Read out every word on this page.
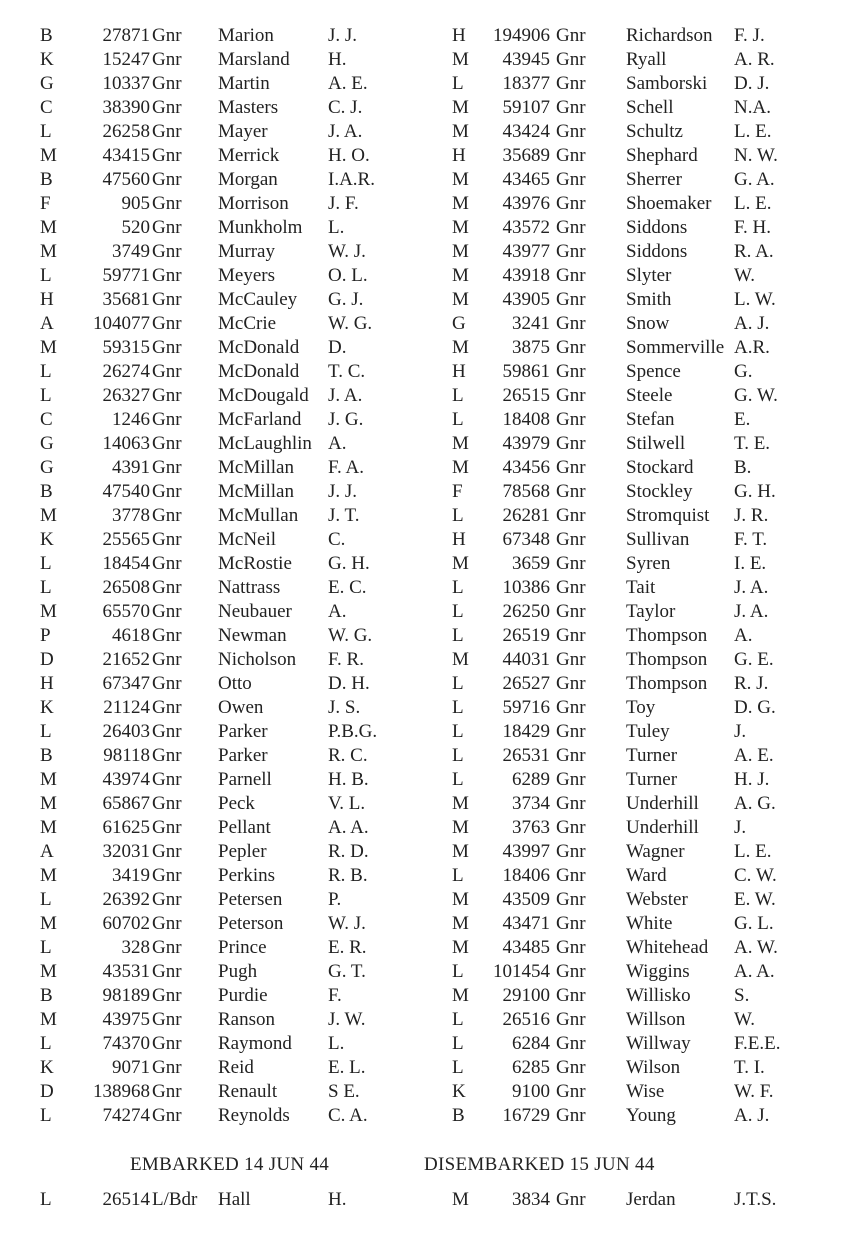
B	27871 Gnr Marion	J. J.
K	15247 Gnr Marsland H.
G	10337 Gnr Martin	A. E.
C	38390 Gnr Masters	C. J.
L	26258 Gnr Mayer	J. A.
M	43415 Gnr Merrick	H. O.
B	47560 Gnr Morgan	I.A.R.
F	905 Gnr Morrison J. F.
M	520 Gnr Munkholm L.
M	3749 Gnr Murray	W. J.
L	59771 Gnr Meyers	O. L.
H	35681 Gnr McCauley G. J.
A	104077 Gnr McCrie	W. G.
M	59315 Gnr McDonald D.
L	26274 Gnr McDonald T. C.
L	26327 Gnr McDougald J. A.
C	1246 Gnr McFarland J. G.
G	14063 Gnr McLaughlin A.
G	4391 Gnr McMillan F. A.
B	47540 Gnr McMillan J. J.
M	3778 Gnr McMullan J. T.
K	25565 Gnr McNeil	C.
L	18454 Gnr McRostie G. H.
L	26508 Gnr Nattrass	E. C.
M	65570 Gnr Neubauer A.
P	4618 Gnr Newman W. G.
D	21652 Gnr Nicholson F. R.
H	67347 Gnr Otto	D. H.
K	21124 Gnr Owen	J. S.
L	26403 Gnr Parker	P.B.G.
B	98118 Gnr Parker	R. C.
M	43974 Gnr Parnell	H. B.
M	65867 Gnr Peck	V. L.
M	61625 Gnr Pellant	A. A.
A	32031 Gnr Pepler	R. D.
M	3419 Gnr Perkins	R. B.
L	26392 Gnr Petersen P.
M	60702 Gnr Peterson W. J.
L	328 Gnr Prince	E. R.
M	43531 Gnr Pugh	G. T.
B	98189 Gnr Purdie	F.
M	43975 Gnr Ranson	J. W.
L	74370 Gnr Raymond L.
K	9071 Gnr Reid	E. L.
D	138968 Gnr Renault	S E.
L	74274 Gnr Reynolds C. A.
H	194906 Gnr Richardson F. J.
M	43945 Gnr Ryall	A. R.
L	18377 Gnr Samborski D. J.
M	59107 Gnr Schell	N.A.
M	43424 Gnr Schultz	L. E.
H	35689 Gnr Shephard N. W.
M	43465 Gnr Sherrer	G. A.
M	43976 Gnr Shoemaker L. E.
M	43572 Gnr Siddons F. H.
M	43977 Gnr Siddons R. A.
M	43918 Gnr Slyter	W.
M	43905 Gnr Smith	L. W.
G	3241 Gnr Snow	A. J.
M	3875 Gnr Sommerville A.R.
H	59861 Gnr Spence	G.
L	26515 Gnr Steele	G. W.
L	18408 Gnr Stefan	E.
M	43979 Gnr Stilwell	T. E.
M	43456 Gnr Stockard B.
F	78568 Gnr Stockley G. H.
L	26281 Gnr Stromquist J. R.
H	67348 Gnr Sullivan F. T.
M	3659 Gnr Syren	I. E.
L	10386 Gnr Tait	J. A.
L	26250 Gnr Taylor	J. A.
L	26519 Gnr Thompson A.
M	44031 Gnr Thompson G. E.
L	26527 Gnr Thompson R. J.
L	59716 Gnr Toy	D. G.
L	18429 Gnr Tuley	J.
L	26531 Gnr Turner	A. E.
L	6289 Gnr Turner	H. J.
M	3734 Gnr Underhill A. G.
M	3763 Gnr Underhill J.
M	43997 Gnr Wagner	L. E.
L	18406 Gnr Ward	C. W.
M	43509 Gnr Webster E. W.
M	43471 Gnr White	G. L.
M	43485 Gnr Whitehead A. W.
L	101454 Gnr Wiggins A. A.
M	29100 Gnr Willisko S.
L	26516 Gnr Willson	W.
L	6284 Gnr Willway F.E.E.
L	6285 Gnr Wilson	T. I.
K	9100 Gnr Wise	W. F.
B	16729 Gnr Young	A. J.
EMBARKED 14 JUN 44	DISEMBARKED 15 JUN 44
L	26514 L/Bdr Hall	H.	M	3834 Gnr Jerdan	J.T.S.
